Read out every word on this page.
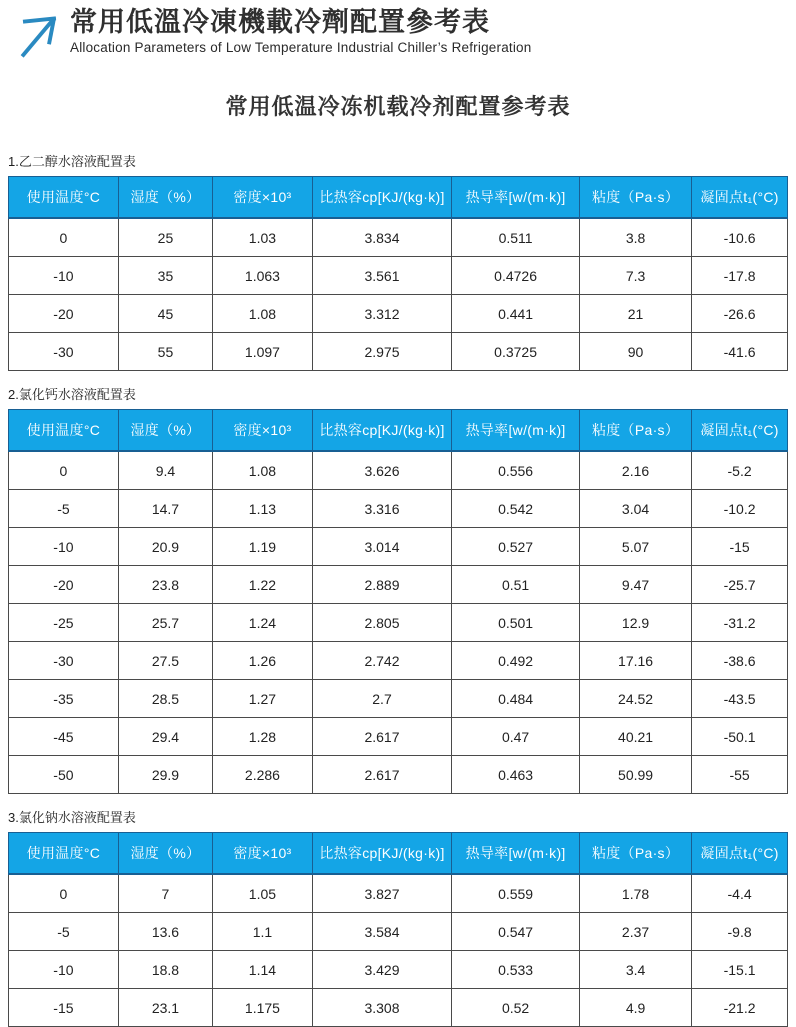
常用低溫冷凍機載冷劑配置參考表

Allocation Parameters of Low Temperature Industrial Chiller’s Refrigeration

常用低温冷冻机载冷剂配置参考表

1.乙二醇水溶液配置表

使用温度°C	湿度（%）	密度×10³	比热容cp[KJ/(kg·k)]	热导率[w/(m·k)]	粘度（Pa·s）	凝固点t₁(°C)
0	25	1.03	3.834	0.511	3.8	-10.6
-10	35	1.063	3.561	0.4726	7.3	-17.8
-20	45	1.08	3.312	0.441	21	-26.6
-30	55	1.097	2.975	0.3725	90	-41.6

2.氯化钙水溶液配置表

使用温度°C	湿度（%）	密度×10³	比热容cp[KJ/(kg·k)]	热导率[w/(m·k)]	粘度（Pa·s）	凝固点t₁(°C)
0	9.4	1.08	3.626	0.556	2.16	-5.2
-5	14.7	1.13	3.316	0.542	3.04	-10.2
-10	20.9	1.19	3.014	0.527	5.07	-15
-20	23.8	1.22	2.889	0.51	9.47	-25.7
-25	25.7	1.24	2.805	0.501	12.9	-31.2
-30	27.5	1.26	2.742	0.492	17.16	-38.6
-35	28.5	1.27	2.7	0.484	24.52	-43.5
-45	29.4	1.28	2.617	0.47	40.21	-50.1
-50	29.9	2.286	2.617	0.463	50.99	-55

3.氯化钠水溶液配置表

使用温度°C	湿度（%）	密度×10³	比热容cp[KJ/(kg·k)]	热导率[w/(m·k)]	粘度（Pa·s）	凝固点t₁(°C)
0	7	1.05	3.827	0.559	1.78	-4.4
-5	13.6	1.1	3.584	0.547	2.37	-9.8
-10	18.8	1.14	3.429	0.533	3.4	-15.1
-15	23.1	1.175	3.308	0.52	4.9	-21.2
